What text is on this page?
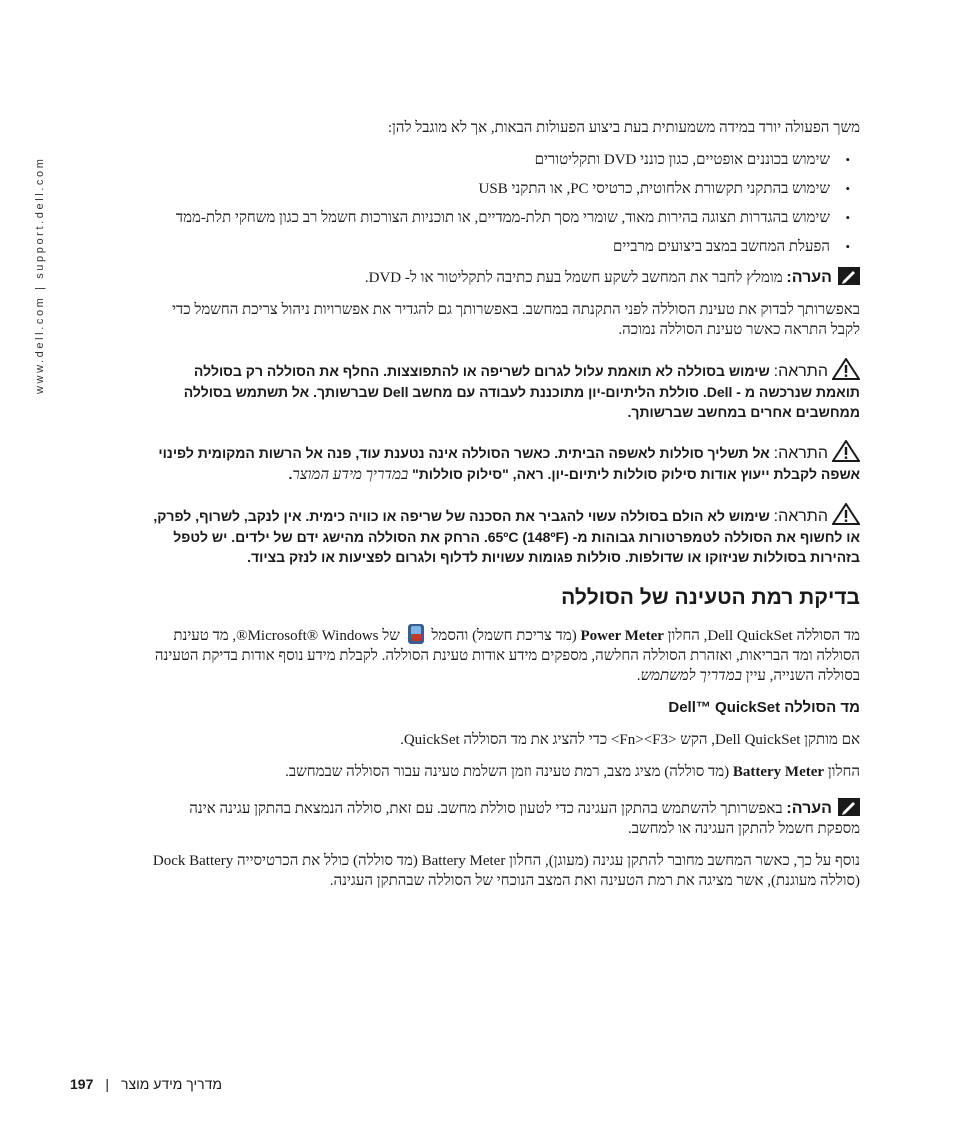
www.dell.com | support.dell.com

משך הפעולה יורד במידה משמעותית בעת ביצוע הפעולות הבאות, אך לא מוגבל להן:

• שימוש בכוננים אופטיים, כגון כונני DVD ותקליטורים
• שימוש בהתקני תקשורת אלחוטית, כרטיסי PC, או התקני USB
• שימוש בהגדרות תצוגה בהירות מאוד, שומרי מסך תלת-ממדיים, או תוכניות הצורכות חשמל רב כגון משחקי תלת-ממד
• הפעלת המחשב במצב ביצועים מרביים

הערה: מומלץ לחבר את המחשב לשקע חשמל בעת כתיבה לתקליטור או ל- DVD.

באפשרותך לבדוק את טעינת הסוללה לפני התקנתה במחשב. באפשרותך גם להגדיר את אפשרויות ניהול צריכת החשמל כדי לקבל התראה כאשר טעינת הסוללה נמוכה.

התראה: שימוש בסוללה לא תואמת עלול לגרום לשריפה או להתפוצצות. החלף את הסוללה רק בסוללה תואמת שנרכשה מ - Dell. סוללת הליתיום-יון מתוכננת לעבודה עם מחשב Dell שברשותך. אל תשתמש בסוללה ממחשבים אחרים במחשב שברשותך.

התראה: אל תשליך סוללות לאשפה הביתית. כאשר הסוללה אינה נטענת עוד, פנה אל הרשות המקומית לפינוי אשפה לקבלת ייעוץ אודות סילוק סוללות ליתיום-יון. ראה, "סילוק סוללות" במדריך מידע המוצר.

התראה: שימוש לא הולם בסוללה עשוי להגביר את הסכנה של שריפה או כוויה כימית. אין לנקב, לשרוף, לפרק, או לחשוף את הסוללה לטמפרטורות גבוהות מ- 65ºC (148ºF). הרחק את הסוללה מהישג ידם של ילדים. יש לטפל בזהירות בסוללות שניזוקו או שדולפות. סוללות פגומות עשויות לדלוף ולגרום לפציעות או לנזק בציוד.

בדיקת רמת הטעינה של הסוללה

מד הסוללה Dell QuickSet, החלון Power Meter (מד צריכת חשמל) והסמל  של Microsoft® Windows®, מד טעינת הסוללה ומד הבריאות, ואזהרת הסוללה החלשה, מספקים מידע אודות טעינת הסוללה. לקבלת מידע נוסף אודות בדיקת הטעינה בסוללה השנייה, עיין במדריך למשתמש.

מד הסוללה Dell™ QuickSet

אם מותקן Dell QuickSet, הקש <Fn><F3> כדי להציג את מד הסוללה QuickSet.

החלון Battery Meter (מד סוללה) מציג מצב, רמת טעינה וזמן השלמת טעינה עבור הסוללה שבמחשב.

הערה: באפשרותך להשתמש בהתקן העגינה כדי לטעון סוללת מחשב. עם זאת, סוללה הנמצאת בהתקן עגינה אינה מספקת חשמל להתקן העגינה או למחשב.

נוסף על כך, כאשר המחשב מחובר להתקן עגינה (מעוגן), החלון Battery Meter (מד סוללה) כולל את הכרטיסייה Dock Battery (סוללה מעוגנת), אשר מציגה את רמת הטעינה ואת המצב הנוכחי של הסוללה שבהתקן העגינה.

197 | מדריך מידע מוצר
